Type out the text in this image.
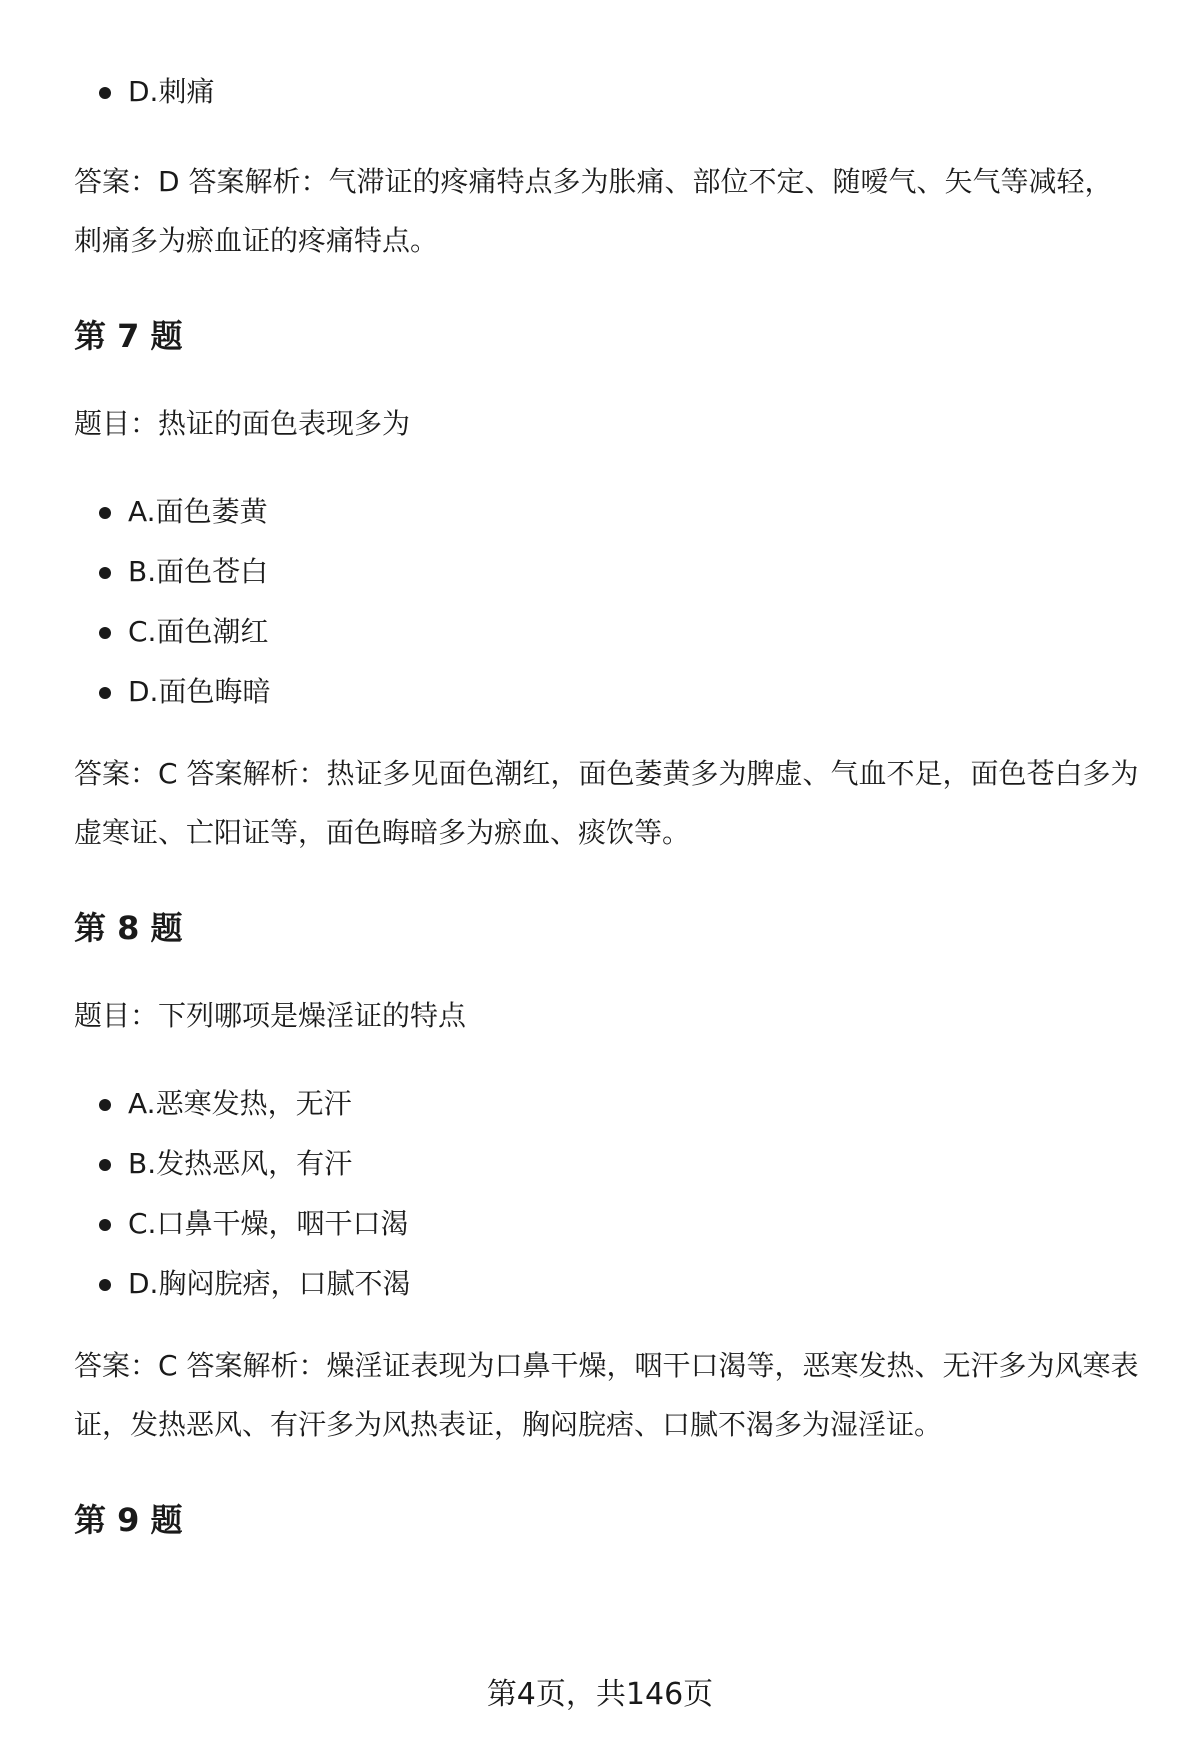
D.刺痛

答案：D 答案解析：气滞证的疼痛特点多为胀痛、部位不定、随嗳气、矢气等减轻，刺痛多为瘀血证的疼痛特点。

第 7 题

题目：热证的面色表现多为

A.面色萎黄
B.面色苍白
C.面色潮红
D.面色晦暗

答案：C 答案解析：热证多见面色潮红，面色萎黄多为脾虚、气血不足，面色苍白多为虚寒证、亡阳证等，面色晦暗多为瘀血、痰饮等。

第 8 题

题目：下列哪项是燥淫证的特点

A.恶寒发热，无汗
B.发热恶风，有汗
C.口鼻干燥，咽干口渴
D.胸闷脘痞，口腻不渴

答案：C 答案解析：燥淫证表现为口鼻干燥，咽干口渴等，恶寒发热、无汗多为风寒表证，发热恶风、有汗多为风热表证，胸闷脘痞、口腻不渴多为湿淫证。

第 9 题
第4页，共146页
